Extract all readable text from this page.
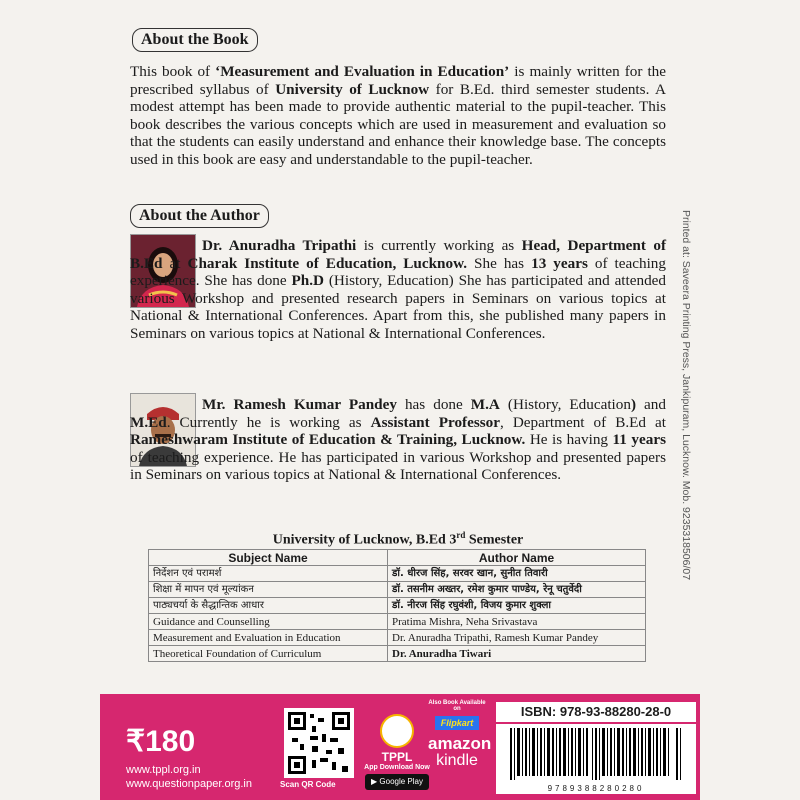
About the Book
This book of ‘Measurement and Evaluation in Education’ is mainly written for the prescribed syllabus of University of Lucknow for B.Ed. third semester students. A modest attempt has been made to provide authentic material to the pupil-teacher. This book describes the various concepts which are used in measurement and evaluation so that the students can easily understand and enhance their knowledge base. The concepts used in this book are easy and understandable to the pupil-teacher.
About the Author
Dr. Anuradha Tripathi is currently working as Head, Department of B.Ed at Charak Institute of Education, Lucknow. She has 13 years of teaching experience. She has done Ph.D (History, Education) She has participated and attended various Workshop and presented research papers in Seminars on various topics at National & International Conferences. Apart from this, she published many papers in Seminars on various topics at National & International Conferences.
Mr. Ramesh Kumar Pandey has done M.A (History, Education) and M.Ed. Currently he is working as Assistant Professor, Department of B.Ed at Rameshwaram Institute of Education & Training, Lucknow. He is having 11 years of teaching experience. He has participated in various Workshop and presented papers in Seminars on various topics at National & International Conferences.	Printed at: Saveera Printing Press, Jankipuram, Lucknow. Mob. 9235318506/07
University of Lucknow, B.Ed 3rd Semester
Subject Name	Author Name
निर्देशन एवं परामर्श	डॉ. धीरज सिंह, सरवर खान, सुनीत तिवारी
शिक्षा में मापन एवं मूल्यांकन	डॉ. तसनीम अख्तर, रमेश कुमार पाण्डेय, रेनू चतुर्वेदी
पाठ्यचर्या के सैद्धान्तिक आधार	डॉ. नीरज सिंह रघुवंशी, विजय कुमार शुक्ला
Guidance and Counselling	Pratima Mishra, Neha Srivastava
Measurement and Evaluation in Education	Dr. Anuradha Tripathi, Ramesh Kumar Pandey
Theoretical Foundation of Curriculum	Dr. Anuradha Tiwari
₹180
www.tppl.org.in
www.questionpaper.org.in	Scan QR Code
TPPL
App Download Now
▶ Google Play
Also Book Available on
Flipkart
amazon
kindle
ISBN: 978-93-88280-28-0
9789388280280
